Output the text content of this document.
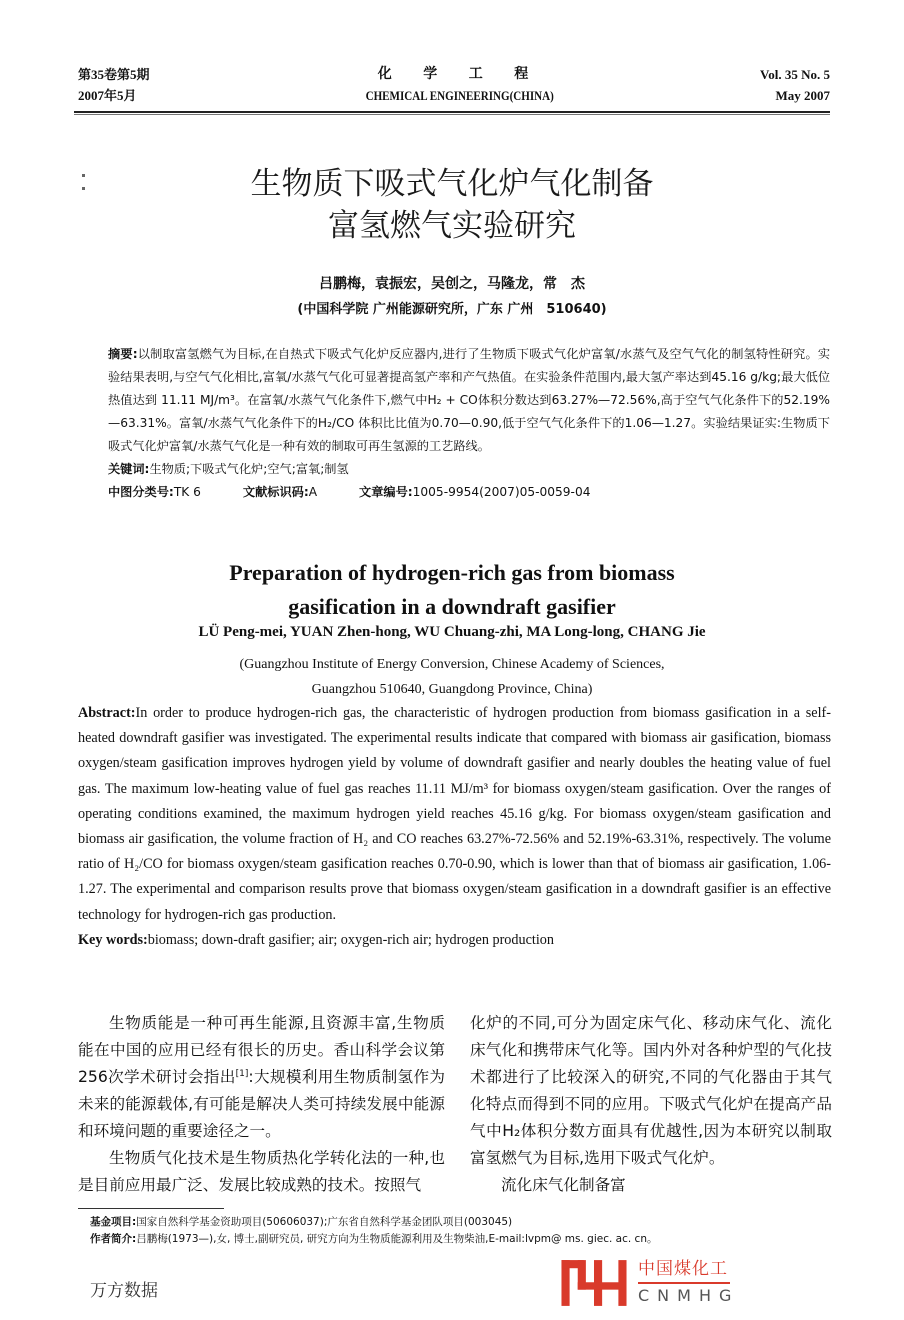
第35卷第5期
2007年5月
化 学 工 程
CHEMICAL ENGINEERING(CHINA)
Vol. 35 No. 5
May 2007
生物质下吸式气化炉气化制备
富氢燃气实验研究
吕鹏梅，袁振宏，吴创之，马隆龙，常　杰
(中国科学院 广州能源研究所，广东 广州　510640)
摘要:以制取富氢燃气为目标,在自热式下吸式气化炉反应器内,进行了生物质下吸式气化炉富氧/水蒸气及空气气化的制氢特性研究。实验结果表明,与空气气化相比,富氧/水蒸气气化可显著提高氢产率和产气热值。在实验条件范围内,最大氢产率达到45.16 g/kg;最大低位热值达到 11.11 MJ/m³。在富氧/水蒸气气化条件下,燃气中H₂ + CO体积分数达到63.27%—72.56%,高于空气气化条件下的52.19%—63.31%。富氧/水蒸气气化条件下的H₂/CO 体积比比值为0.70—0.90,低于空气气化条件下的1.06—1.27。实验结果证实:生物质下吸式气化炉富氧/水蒸气气化是一种有效的制取可再生氢源的工艺路线。
关键词:生物质;下吸式气化炉;空气;富氧;制氢
中图分类号:TK 6	文献标识码:A	文章编号:1005-9954(2007)05-0059-04
Preparation of hydrogen-rich gas from biomass
gasification in a downdraft gasifier
LÜ Peng-mei, YUAN Zhen-hong, WU Chuang-zhi, MA Long-long, CHANG Jie
(Guangzhou Institute of Energy Conversion, Chinese Academy of Sciences,
Guangzhou 510640, Guangdong Province, China)
Abstract:In order to produce hydrogen-rich gas, the characteristic of hydrogen production from biomass gasification in a self-heated downdraft gasifier was investigated. The experimental results indicate that compared with biomass air gasification, biomass oxygen/steam gasification improves hydrogen yield by volume of downdraft gasifier and nearly doubles the heating value of fuel gas. The maximum low-heating value of fuel gas reaches 11.11 MJ/m³ for biomass oxygen/steam gasification. Over the ranges of operating conditions examined, the maximum hydrogen yield reaches 45.16 g/kg. For biomass oxygen/steam gasification and biomass air gasification, the volume fraction of H₂ and CO reaches 63.27%-72.56% and 52.19%-63.31%, respectively. The volume ratio of H₂/CO for biomass oxygen/steam gasification reaches 0.70-0.90, which is lower than that of biomass air gasification, 1.06-1.27. The experimental and comparison results prove that biomass oxygen/steam gasification in a downdraft gasifier is an effective technology for hydrogen-rich gas production.
Key words:biomass; down-draft gasifier; air; oxygen-rich air; hydrogen production

生物质能是一种可再生能源,且资源丰富,生物质能在中国的应用已经有很长的历史。香山科学会议第256次学术研讨会指出[1]:大规模利用生物质制氢作为未来的能源载体,有可能是解决人类可持续发展中能源和环境问题的重要途径之一。

生物质气化技术是生物质热化学转化法的一种,也是目前应用最广泛、发展比较成熟的技术。按照气

化炉的不同,可分为固定床气化、移动床气化、流化床气化和携带床气化等。国内外对各种炉型的气化技术都进行了比较深入的研究,不同的气化器由于其气化特点而得到不同的应用。下吸式气化炉在提高产品气中H₂体积分数方面具有优越性,因为本研究以制取富氢燃气为目标,选用下吸式气化炉。

流化床气化制备富

基金项目:国家自然科学基金资助项目(50606037);广东省自然科学基金团队项目(003045)
作者简介:吕鹏梅(1973—),女, 博士,副研究员, 研究方向为生物质能源利用及生物柴油,E-mail:lvpm@ ms. giec. ac. cn。
万方数据
中国煤化工
CNMHG
